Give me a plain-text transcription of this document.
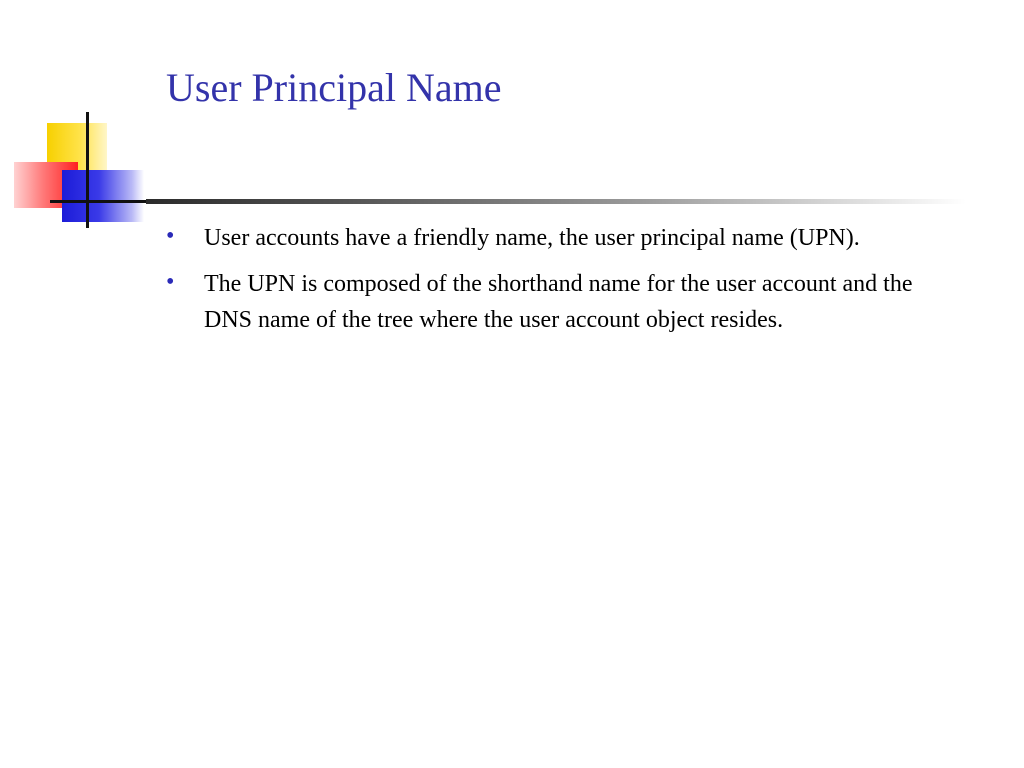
User Principal Name
•	User accounts have a friendly name, the user principal name (UPN).
•	The UPN is composed of the shorthand name for the user account and the DNS name of the tree where the user account object resides.
